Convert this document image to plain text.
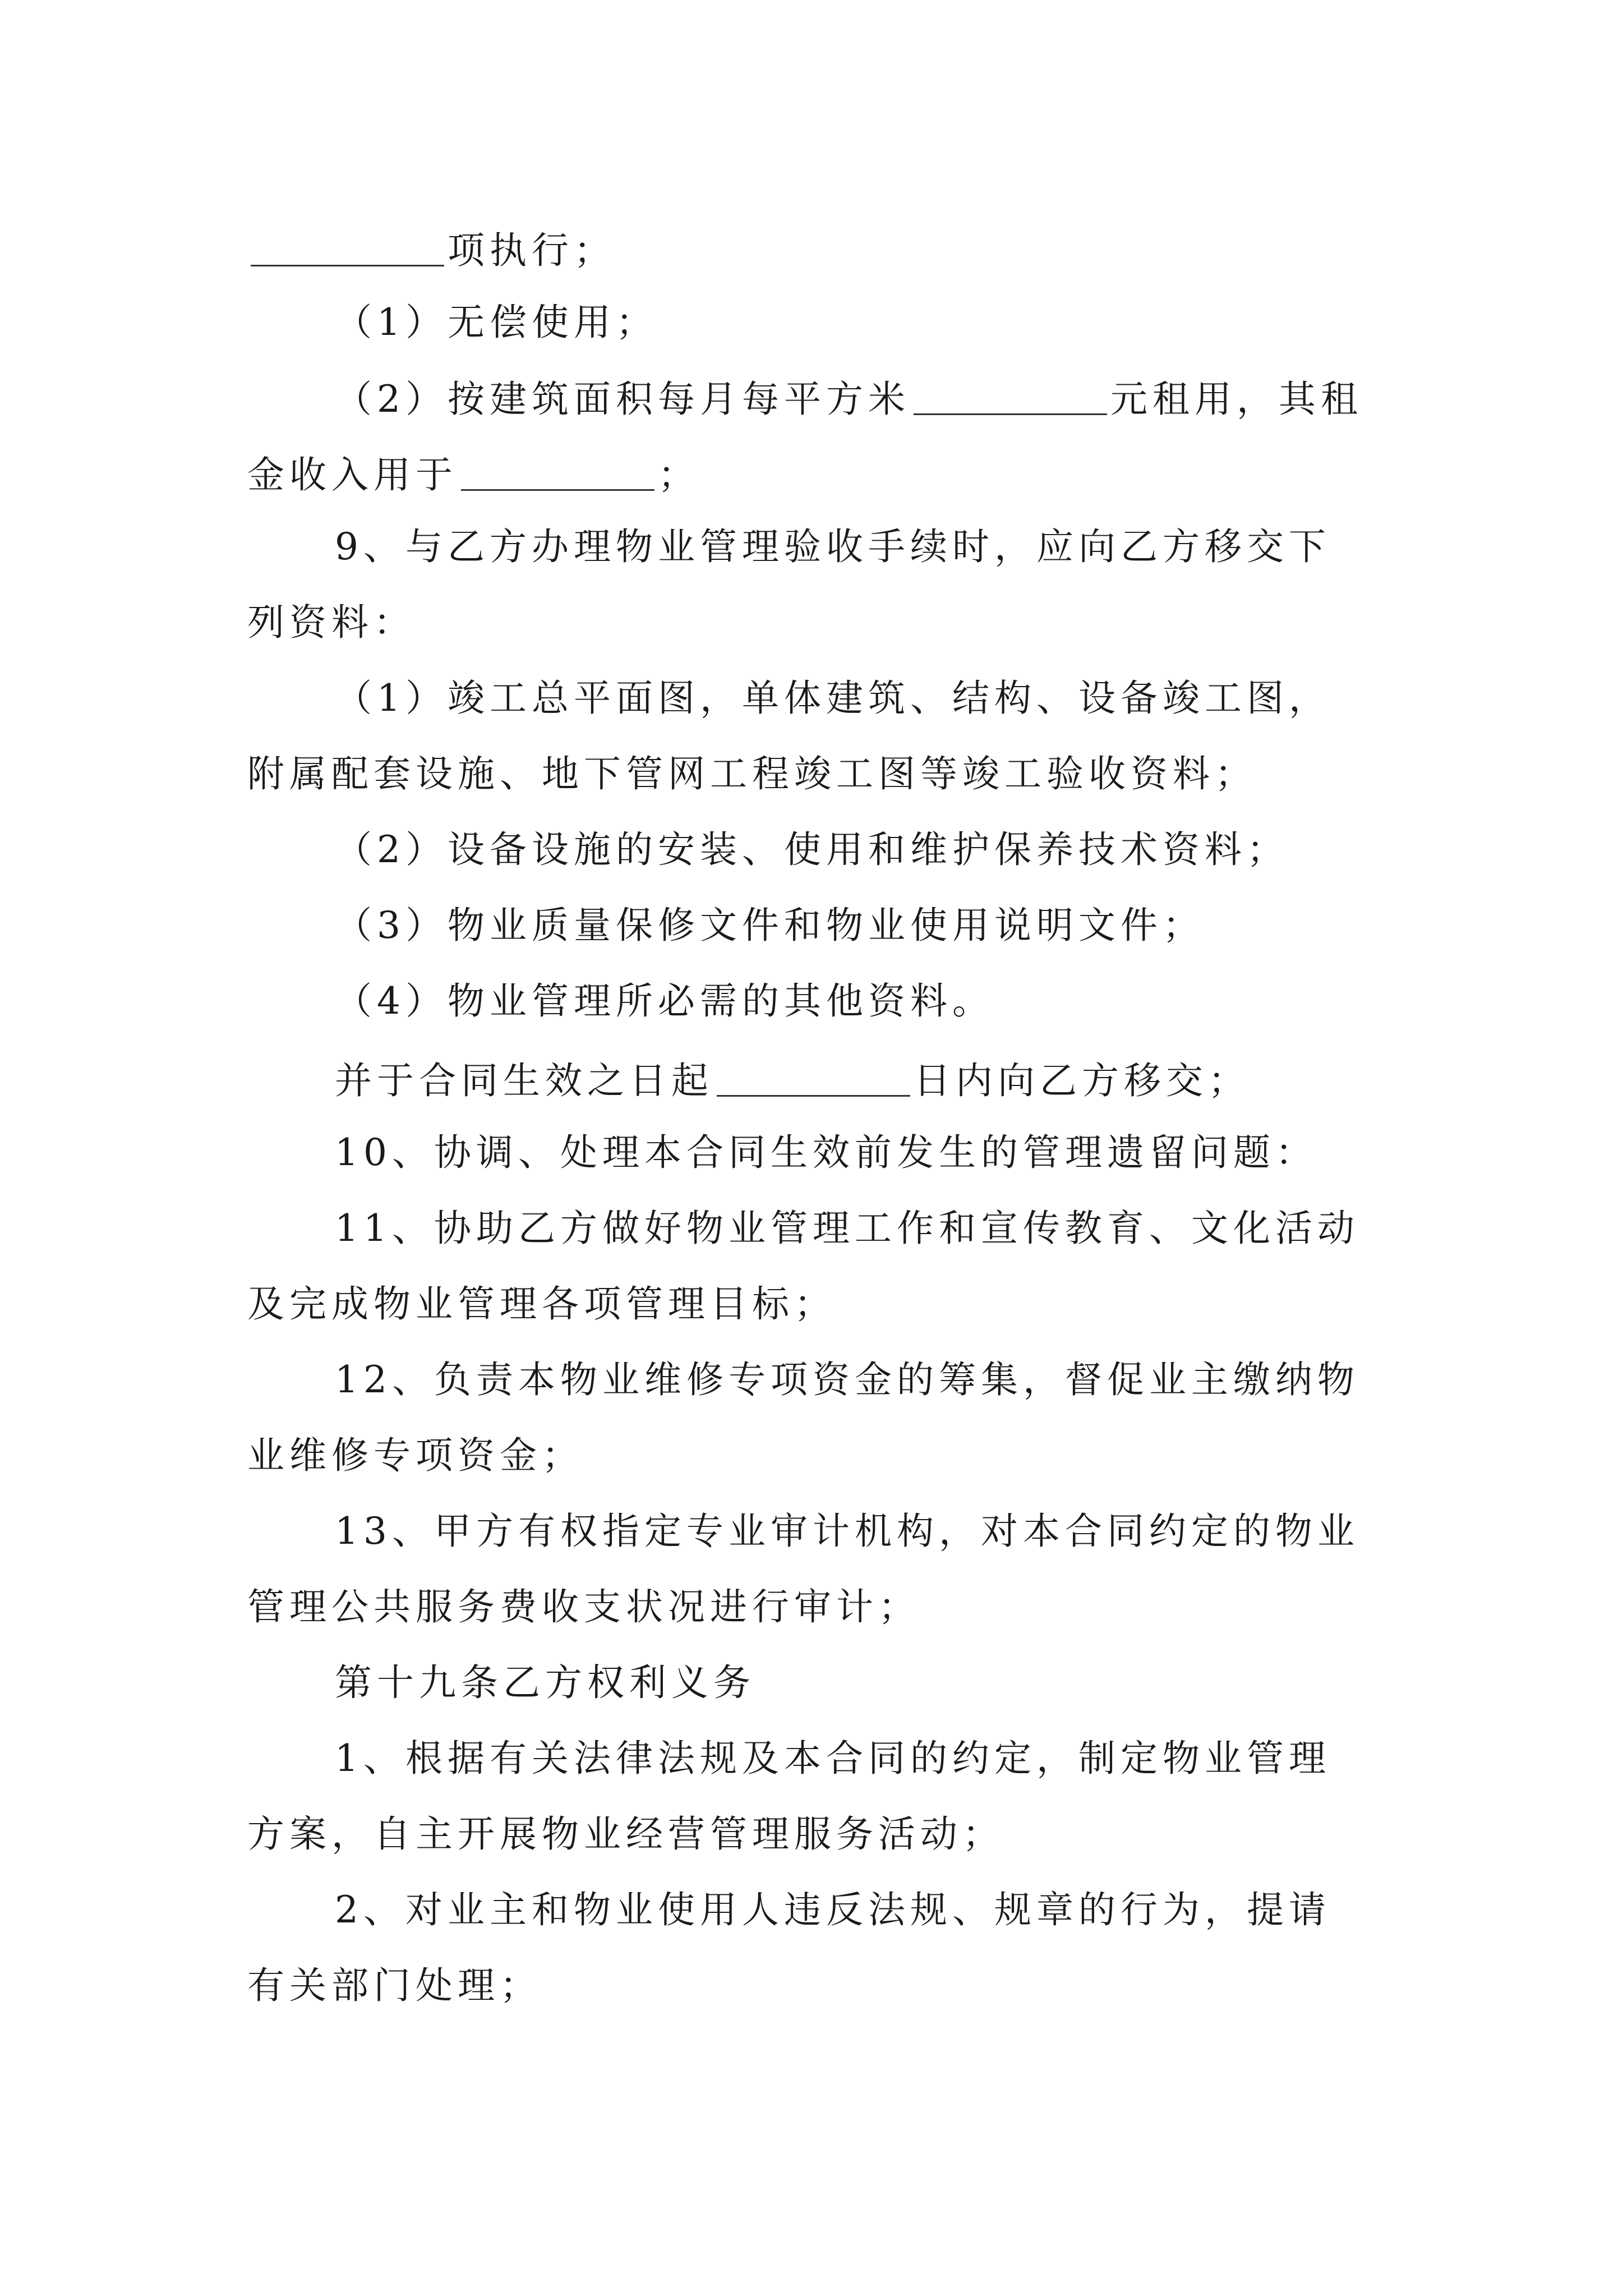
项执行；
（1）无偿使用；
（2）按建筑面积每月每平方米	元租用，其租
金收入用于	；
9、与乙方办理物业管理验收手续时，应向乙方移交下
列资料：
（1）竣工总平面图，单体建筑、结构、设备竣工图，
附属配套设施、地下管网工程竣工图等竣工验收资料；
（2）设备设施的安装、使用和维护保养技术资料；
（3）物业质量保修文件和物业使用说明文件；
（4）物业管理所必需的其他资料。
并于合同生效之日起	日内向乙方移交；
10、协调、处理本合同生效前发生的管理遗留问题：
11、协助乙方做好物业管理工作和宣传教育、文化活动
及完成物业管理各项管理目标；
12、负责本物业维修专项资金的筹集，督促业主缴纳物
业维修专项资金；
13、甲方有权指定专业审计机构，对本合同约定的物业
管理公共服务费收支状况进行审计；
第十九条乙方权利义务
1、根据有关法律法规及本合同的约定，制定物业管理
方案，自主开展物业经营管理服务活动；
2、对业主和物业使用人违反法规、规章的行为，提请
有关部门处理；
